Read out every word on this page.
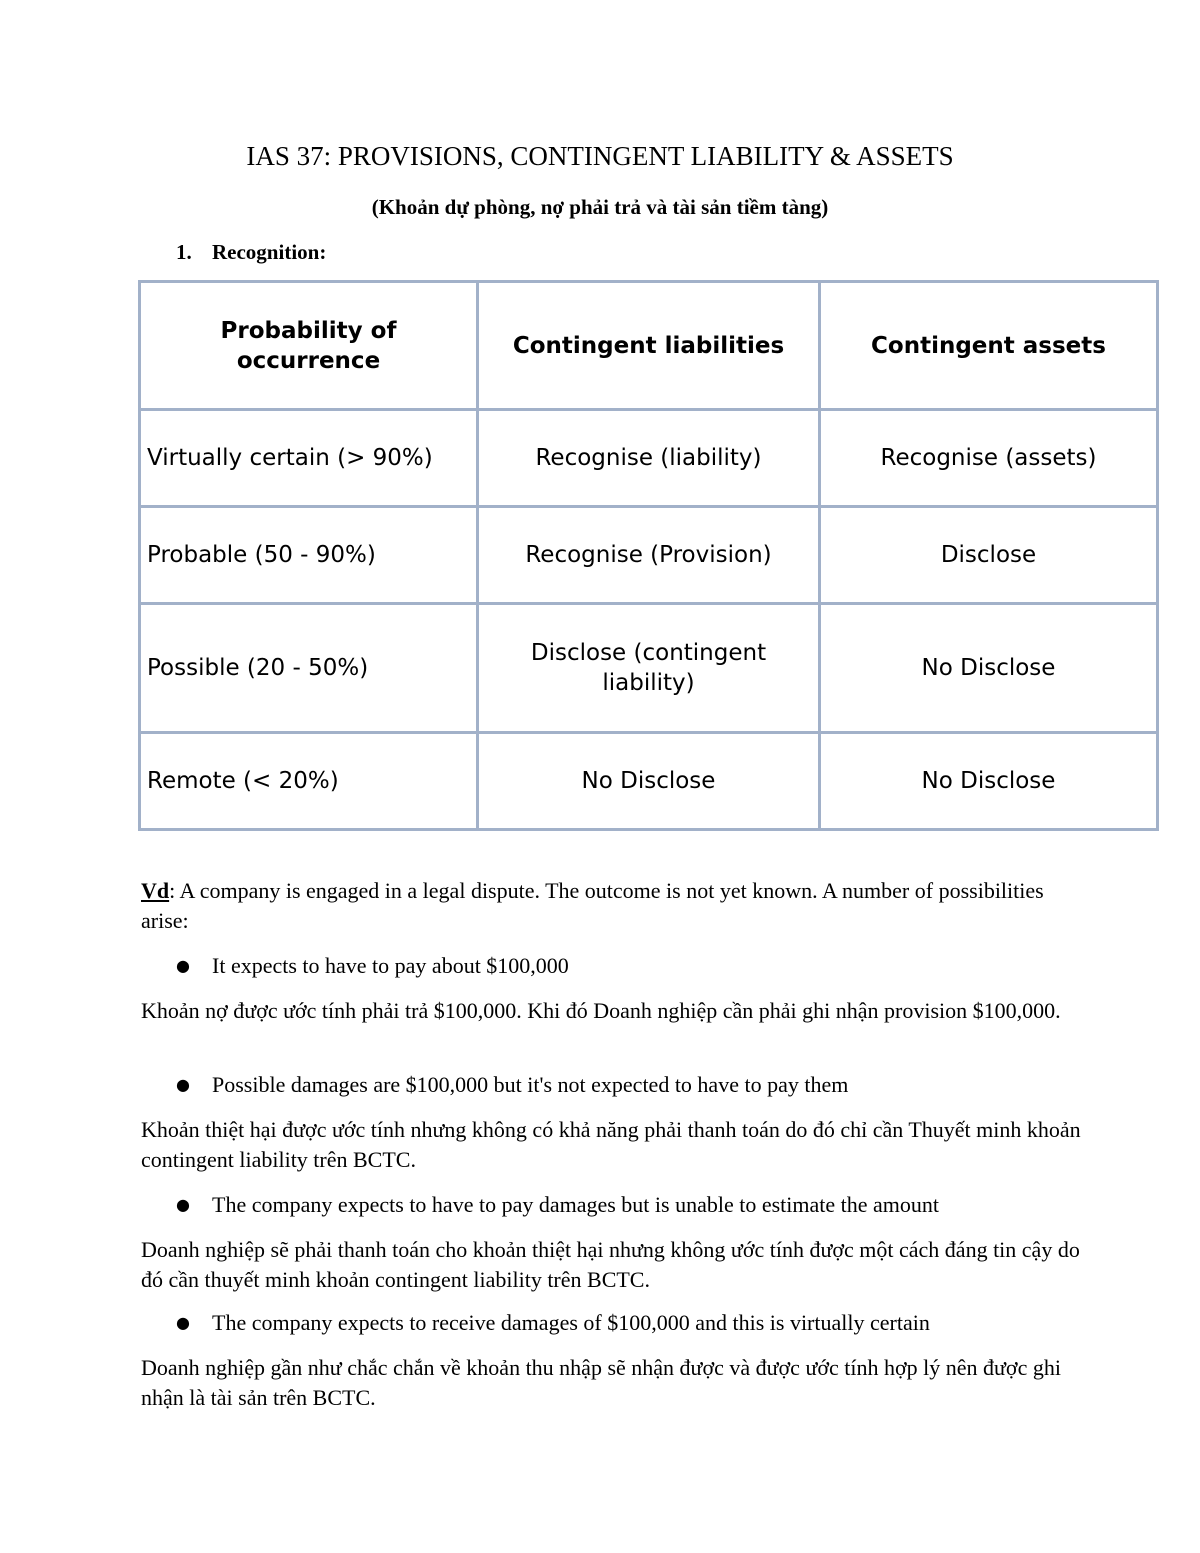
IAS 37: PROVISIONS, CONTINGENT LIABILITY & ASSETS
(Khoản dự phòng, nợ phải trả và tài sản tiềm tàng)
1. Recognition:
Probability of occurrence	Contingent liabilities	Contingent assets
Virtually certain (> 90%)	Recognise (liability)	Recognise (assets)
Probable (50 - 90%)	Recognise (Provision)	Disclose
Possible (20 - 50%)	Disclose (contingent liability)	No Disclose
Remote (< 20%)	No Disclose	No Disclose
Vd: A company is engaged in a legal dispute. The outcome is not yet known. A number of possibilities arise:
● It expects to have to pay about $100,000
Khoản nợ được ước tính phải trả $100,000. Khi đó Doanh nghiệp cần phải ghi nhận provision $100,000.
● Possible damages are $100,000 but it's not expected to have to pay them
Khoản thiệt hại được ước tính nhưng không có khả năng phải thanh toán do đó chỉ cần Thuyết minh khoản contingent liability trên BCTC.
● The company expects to have to pay damages but is unable to estimate the amount
Doanh nghiệp sẽ phải thanh toán cho khoản thiệt hại nhưng không ước tính được một cách đáng tin cậy do đó cần thuyết minh khoản contingent liability trên BCTC.
● The company expects to receive damages of $100,000 and this is virtually certain
Doanh nghiệp gần như chắc chắn về khoản thu nhập sẽ nhận được và được ước tính hợp lý nên được ghi nhận là tài sản trên BCTC.
